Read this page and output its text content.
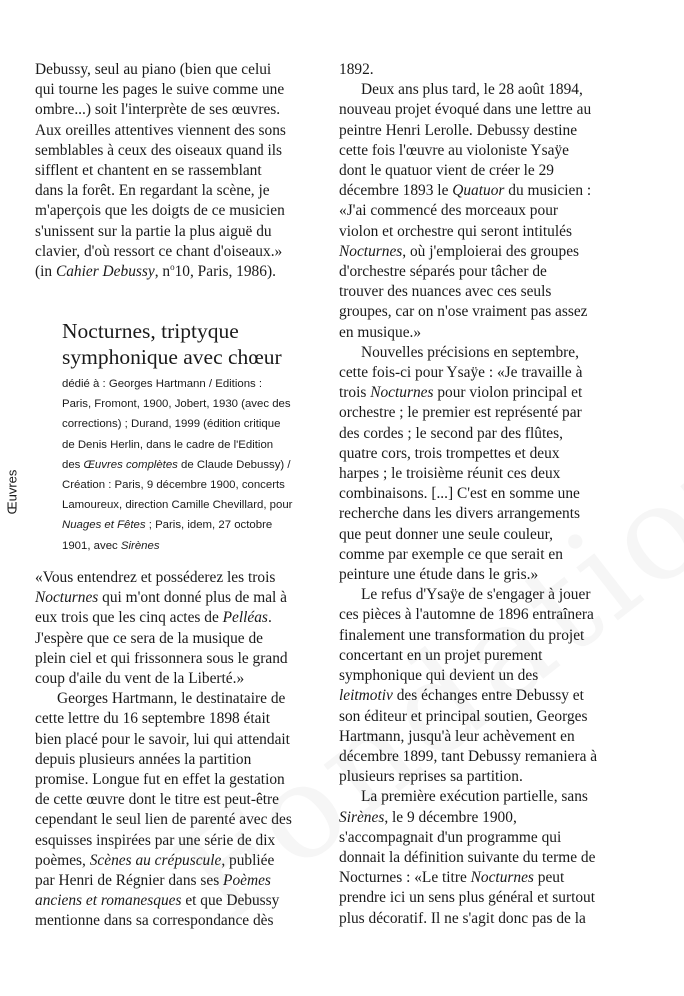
Œuvres

Debussy, seul au piano (bien que celui

qui tourne les pages le suive comme une

ombre...) soit l'interprète de ses œuvres.

Aux oreilles attentives viennent des sons

semblables à ceux des oiseaux quand ils

sifflent et chantent en se rassemblant

dans la forêt. En regardant la scène, je

m'aperçois que les doigts de ce musicien

s'unissent sur la partie la plus aiguë du

clavier, d'où ressort ce chant d'oiseaux.»

(in Cahier Debussy, $n^o10$, Paris, 1986).

Nocturnes, triptyque
symphonique avec chœur
dédié à : Georges Hartmann / Editions :
Paris, Fromont, 1900, Jobert, 1930 (avec des
corrections) ; Durand, 1999 (édition critique
de Denis Herlin, dans le cadre de l'Edition
des Œuvres complètes de Claude Debussy) /
Création : Paris, 9 décembre 1900, concerts
Lamoureux, direction Camille Chevillard, pour
Nuages et Fêtes ; Paris, idem, 27 octobre
1901, avec Sirènes

«Vous entendrez et posséderez les trois

Nocturnes qui m'ont donné plus de mal à

eux trois que les cinq actes de Pelléas.

J'espère que ce sera de la musique de

plein ciel et qui frissonnera sous le grand

coup d'aile du vent de la Liberté.»

Georges Hartmann, le destinataire de

cette lettre du 16 septembre 1898 était

bien placé pour le savoir, lui qui attendait

depuis plusieurs années la partition

promise. Longue fut en effet la gestation

de cette œuvre dont le titre est peut-être

cependant le seul lien de parenté avec des

esquisses inspirées par une série de dix

poèmes, Scènes au crépuscule, publiée

par Henri de Régnier dans ses Poèmes

anciens et romanesques et que Debussy

mentionne dans sa correspondance dès

1892.

Deux ans plus tard, le 28 août 1894,

nouveau projet évoqué dans une lettre au

peintre Henri Lerolle. Debussy destine

cette fois l'œuvre au violoniste Ysaÿe

dont le quatuor vient de créer le 29

décembre 1893 le Quatuor du musicien :

«J'ai commencé des morceaux pour

violon et orchestre qui seront intitulés

Nocturnes, où j'emploierai des groupes

d'orchestre séparés pour tâcher de

trouver des nuances avec ces seuls

groupes, car on n'ose vraiment pas assez

en musique.»

Nouvelles précisions en septembre,

cette fois-ci pour Ysaÿe : «Je travaille à

trois Nocturnes pour violon principal et

orchestre ; le premier est représenté par

des cordes ; le second par des flûtes,

quatre cors, trois trompettes et deux

harpes ; le troisième réunit ces deux

combinaisons. [...] C'est en somme une

recherche dans les divers arrangements

que peut donner une seule couleur,

comme par exemple ce que serait en

peinture une étude dans le gris.»

Le refus d'Ysaÿe de s'engager à jouer

ces pièces à l'automne de 1896 entraînera

finalement une transformation du projet

concertant en un projet purement

symphonique qui devient un des

leitmotiv des échanges entre Debussy et

son éditeur et principal soutien, Georges

Hartmann, jusqu'à leur achèvement en

décembre 1899, tant Debussy remaniera à

plusieurs reprises sa partition.

La première exécution partielle, sans

Sirènes, le 9 décembre 1900,

s'accompagnait d'un programme qui

donnait la définition suivante du terme de

Nocturnes : «Le titre Nocturnes peut

prendre ici un sens plus général et surtout

plus décoratif. Il ne s'agit donc pas de la
